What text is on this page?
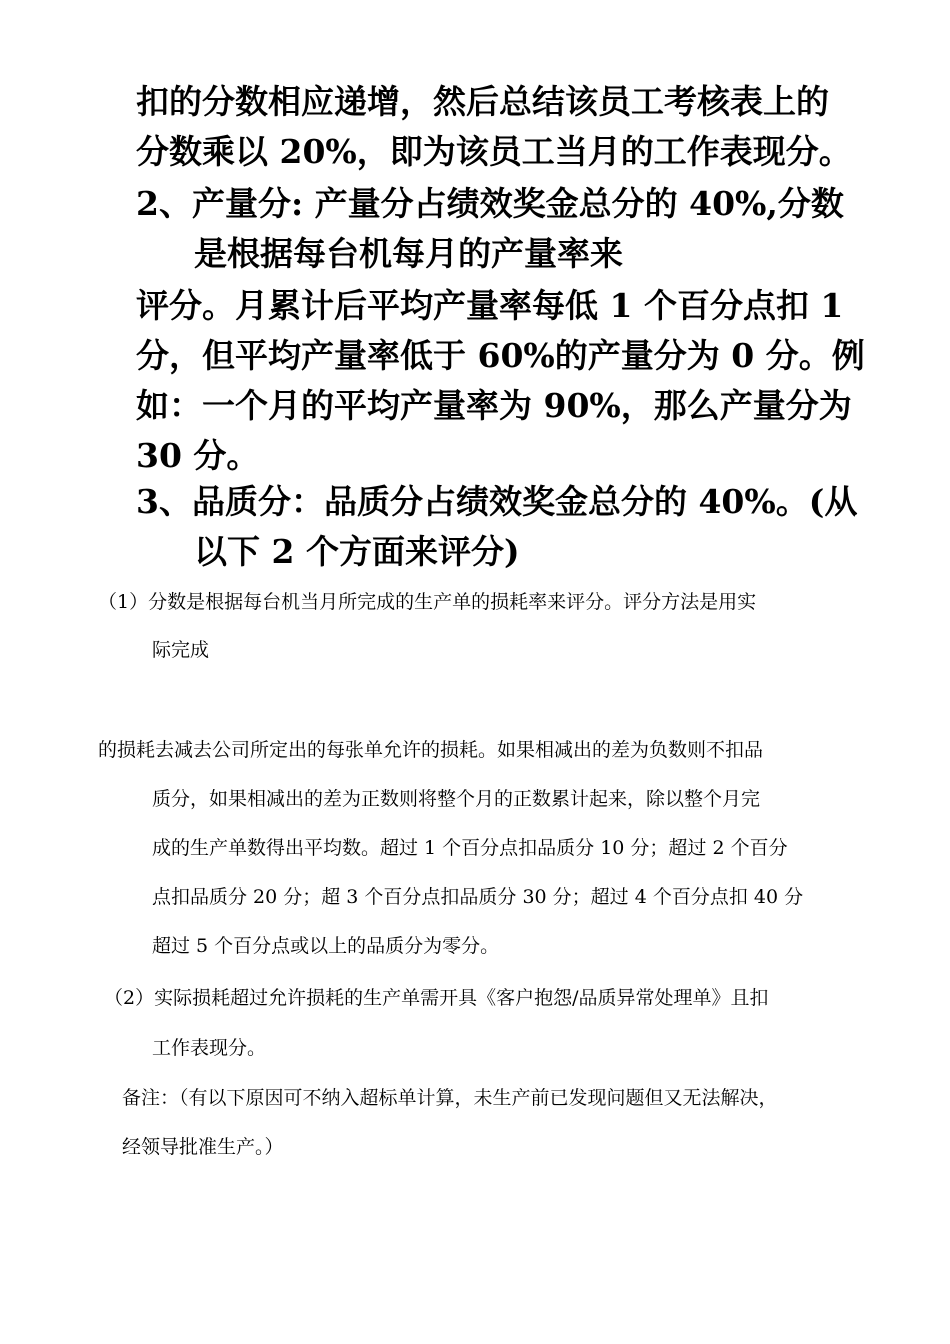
扣的分数相应递增，然后总结该员工考核表上的
分数乘以 20%，即为该员工当月的工作表现分。
2、产量分: 产量分占绩效奖金总分的 40%,分数
是根据每台机每月的产量率来
评分。月累计后平均产量率每低 1 个百分点扣 1
分，但平均产量率低于 60%的产量分为 0 分。例
如：一个月的平均产量率为 90%，那么产量分为
30 分。
3、品质分：品质分占绩效奖金总分的 40%。(从
以下 2 个方面来评分)
（1）分数是根据每台机当月所完成的生产单的损耗率来评分。评分方法是用实
际完成
的损耗去减去公司所定出的每张单允许的损耗。如果相减出的差为负数则不扣品
质分，如果相减出的差为正数则将整个月的正数累计起来，除以整个月完
成的生产单数得出平均数。超过 1 个百分点扣品质分 10 分；超过 2 个百分
点扣品质分 20 分；超 3 个百分点扣品质分 30 分；超过 4 个百分点扣 40 分
超过 5 个百分点或以上的品质分为零分。
（2）实际损耗超过允许损耗的生产单需开具《客户抱怨/品质异常处理单》且扣
工作表现分。
备注：（有以下原因可不纳入超标单计算，未生产前已发现问题但又无法解决，
经领导批准生产。）
